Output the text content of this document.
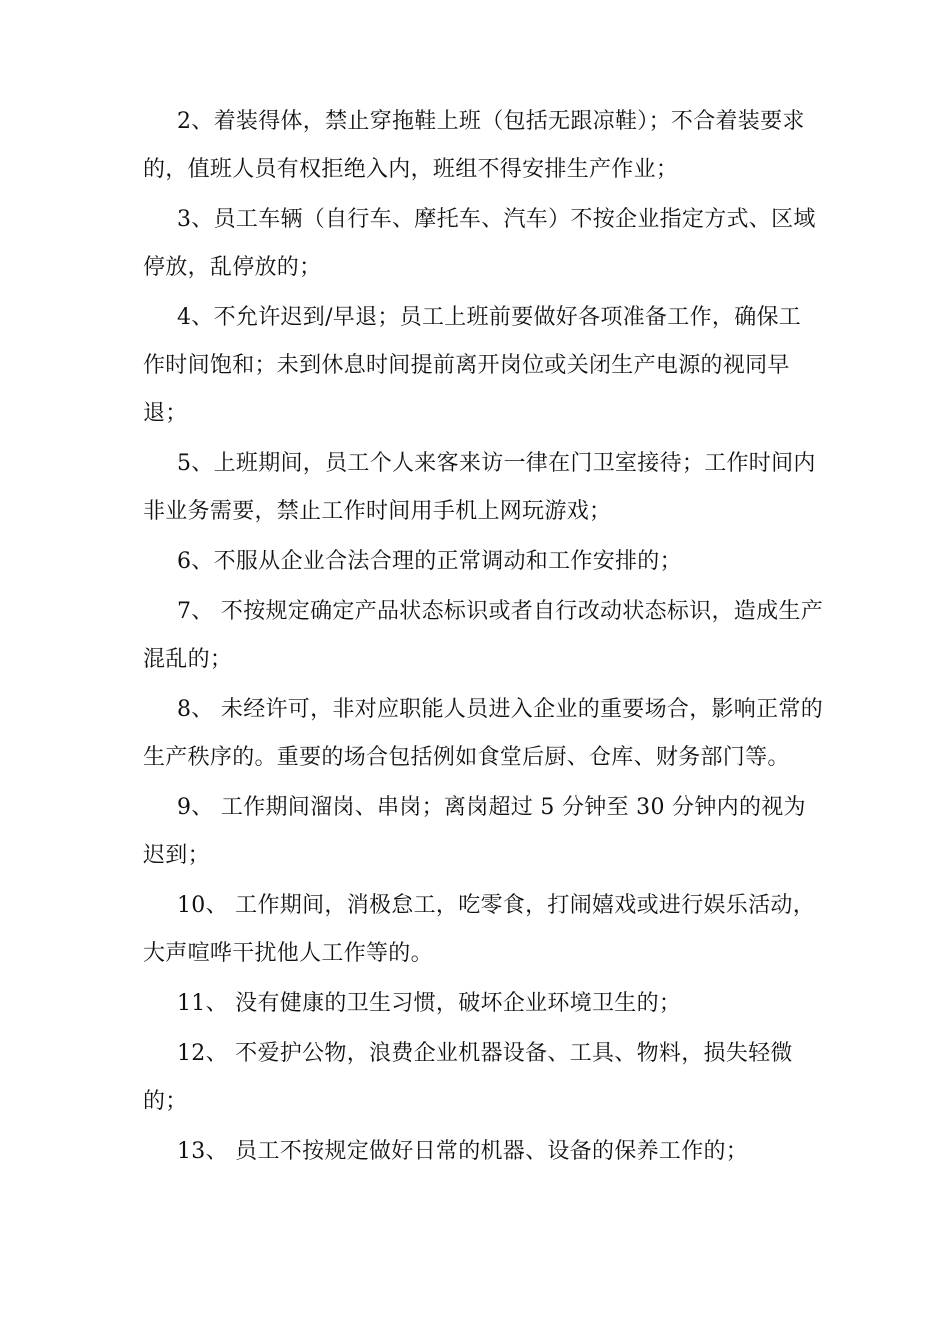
2、着装得体，禁止穿拖鞋上班（包括无跟凉鞋）；不合着装要求的，值班人员有权拒绝入内，班组不得安排生产作业；

3、员工车辆（自行车、摩托车、汽车）不按企业指定方式、区域停放，乱停放的；

4、不允许迟到/早退；员工上班前要做好各项准备工作，确保工作时间饱和；未到休息时间提前离开岗位或关闭生产电源的视同早退；

5、上班期间，员工个人来客来访一律在门卫室接待；工作时间内非业务需要，禁止工作时间用手机上网玩游戏；

6、不服从企业合法合理的正常调动和工作安排的；

7、 不按规定确定产品状态标识或者自行改动状态标识，造成生产混乱的；

8、 未经许可，非对应职能人员进入企业的重要场合，影响正常的生产秩序的。重要的场合包括例如食堂后厨、仓库、财务部门等。

9、 工作期间溜岗、串岗；离岗超过 5 分钟至 30 分钟内的视为迟到；

10、 工作期间，消极怠工，吃零食，打闹嬉戏或进行娱乐活动，大声喧哗干扰他人工作等的。

11、 没有健康的卫生习惯，破坏企业环境卫生的；

12、 不爱护公物，浪费企业机器设备、工具、物料，损失轻微的；

13、 员工不按规定做好日常的机器、设备的保养工作的；
